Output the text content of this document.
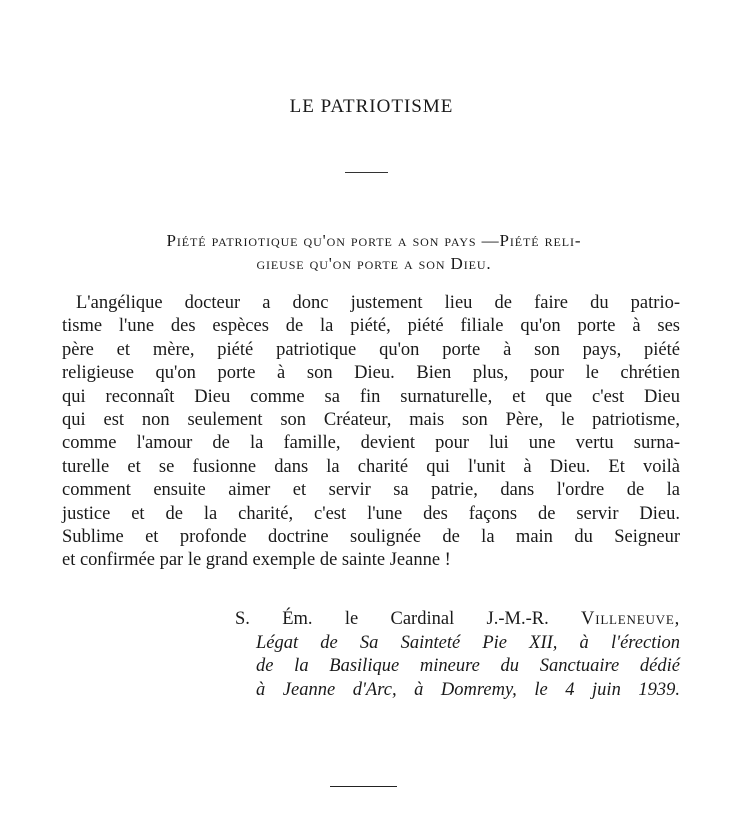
LE PATRIOTISME

Piété patriotique qu'on porte a son pays —Piété reli-
gieuse qu'on porte a son Dieu.

L'angélique docteur a donc justement lieu de faire du patrio-
tisme l'une des espèces de la piété, piété filiale qu'on porte à ses
père et mère, piété patriotique qu'on porte à son pays, piété
religieuse qu'on porte à son Dieu. Bien plus, pour le chrétien
qui reconnaît Dieu comme sa fin surnaturelle, et que c'est Dieu
qui est non seulement son Créateur, mais son Père, le patriotisme,
comme l'amour de la famille, devient pour lui une vertu surna-
turelle et se fusionne dans la charité qui l'unit à Dieu. Et voilà
comment ensuite aimer et servir sa patrie, dans l'ordre de la
justice et de la charité, c'est l'une des façons de servir Dieu.
Sublime et profonde doctrine soulignée de la main du Seigneur
et confirmée par le grand exemple de sainte Jeanne !

S. Ém. le Cardinal J.-M.-R. Villeneuve,
Légat de Sa Sainteté Pie XII, à l'érection
de la Basilique mineure du Sanctuaire dédié
à Jeanne d'Arc, à Domremy, le 4 juin 1939.
